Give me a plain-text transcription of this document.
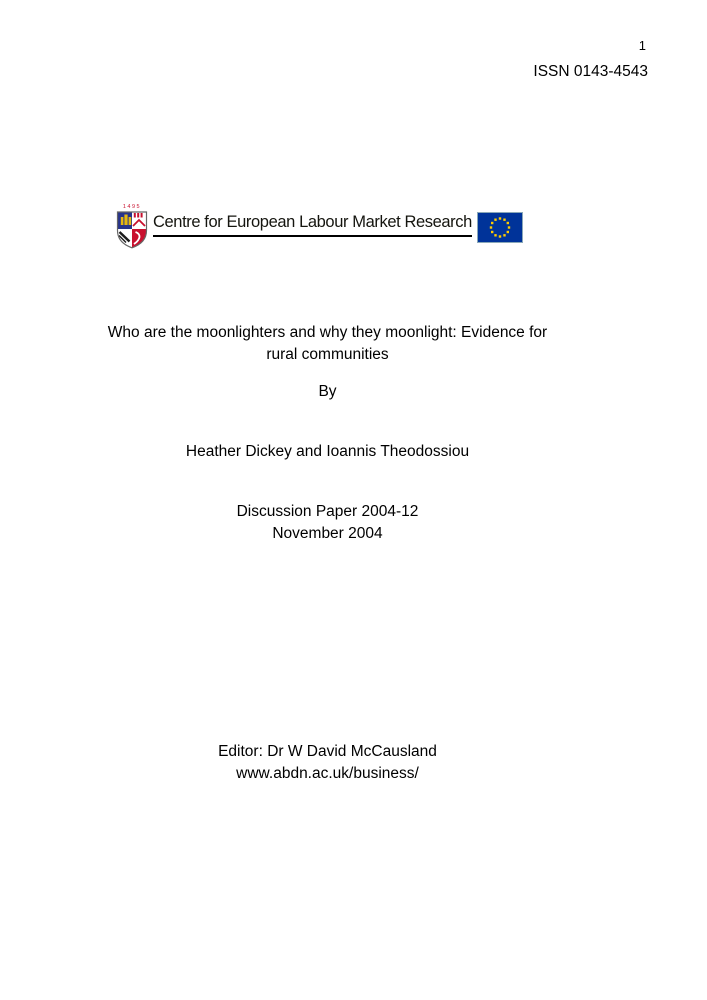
1
ISSN 0143-4543
1495
Centre for European Labour Market Research
Who are the moonlighters and why they moonlight: Evidence for
rural communities
By
Heather Dickey and Ioannis Theodossiou
Discussion Paper 2004-12
November 2004
Editor: Dr W David McCausland
www.abdn.ac.uk/business/
